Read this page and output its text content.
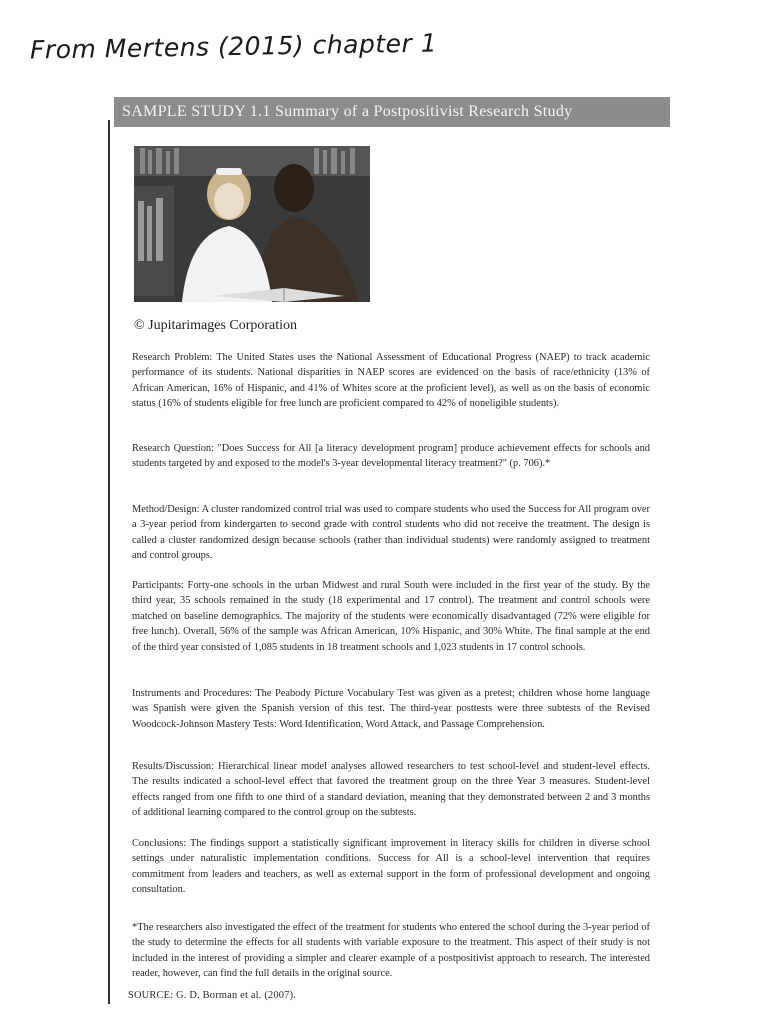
From Mertens (2015) chapter 1
SAMPLE STUDY 1.1 Summary of a Postpositivist Research Study
© Jupitarimages Corporation
Research Problem: The United States uses the National Assessment of Educational Progress (NAEP) to track academic performance of its students. National disparities in NAEP scores are evidenced on the basis of race/ethnicity (13% of African American, 16% of Hispanic, and 41% of Whites score at the proficient level), as well as on the basis of economic status (16% of students eligible for free lunch are proficient compared to 42% of noneligible students).
Research Question: "Does Success for All [a literacy development program] produce achievement effects for schools and students targeted by and exposed to the model's 3-year developmental literacy treatment?" (p. 706).*
Method/Design: A cluster randomized control trial was used to compare students who used the Success for All program over a 3-year period from kindergarten to second grade with control students who did not receive the treatment. The design is called a cluster randomized design because schools (rather than individual students) were randomly assigned to treatment and control groups.
Participants: Forty-one schools in the urban Midwest and rural South were included in the first year of the study. By the third year, 35 schools remained in the study (18 experimental and 17 control). The treatment and control schools were matched on baseline demographics. The majority of the students were economically disadvantaged (72% were eligible for free lunch). Overall, 56% of the sample was African American, 10% Hispanic, and 30% White. The final sample at the end of the third year consisted of 1,085 students in 18 treatment schools and 1,023 students in 17 control schools.
Instruments and Procedures: The Peabody Picture Vocabulary Test was given as a pretest; children whose home language was Spanish were given the Spanish version of this test. The third-year posttests were three subtests of the Revised Woodcock-Johnson Mastery Tests: Word Identification, Word Attack, and Passage Comprehension.
Results/Discussion: Hierarchical linear model analyses allowed researchers to test school-level and student-level effects. The results indicated a school-level effect that favored the treatment group on the three Year 3 measures. Student-level effects ranged from one fifth to one third of a standard deviation, meaning that they demonstrated between 2 and 3 months of additional learning compared to the control group on the subtests.
Conclusions: The findings support a statistically significant improvement in literacy skills for children in diverse school settings under naturalistic implementation conditions. Success for All is a school-level intervention that requires commitment from leaders and teachers, as well as external support in the form of professional development and ongoing consultation.
*The researchers also investigated the effect of the treatment for students who entered the school during the 3-year period of the study to determine the effects for all students with variable exposure to the treatment. This aspect of their study is not included in the interest of providing a simpler and clearer example of a postpositivist approach to research. The interested reader, however, can find the full details in the original source.
SOURCE: G. D. Borman et al. (2007).
